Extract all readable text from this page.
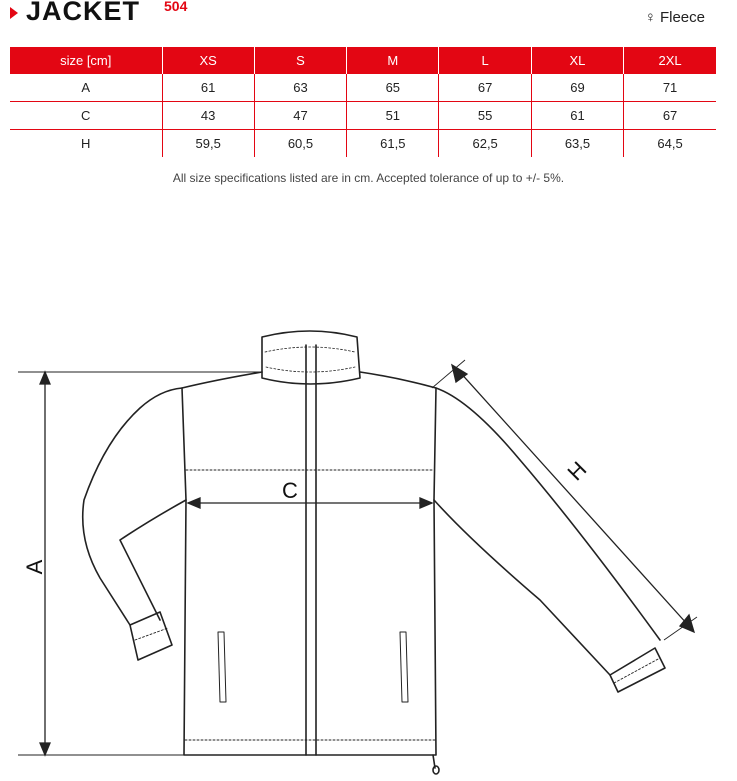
JACKET 504
♀ Fleece
size [cm]	XS	S	M	L	XL	2XL
A	61	63	65	67	69	71
C	43	47	51	55	61	67
H	59,5	60,5	61,5	62,5	63,5	64,5
All size specifications listed are in cm. Accepted tolerance of up to +/- 5%.
A
C
H
